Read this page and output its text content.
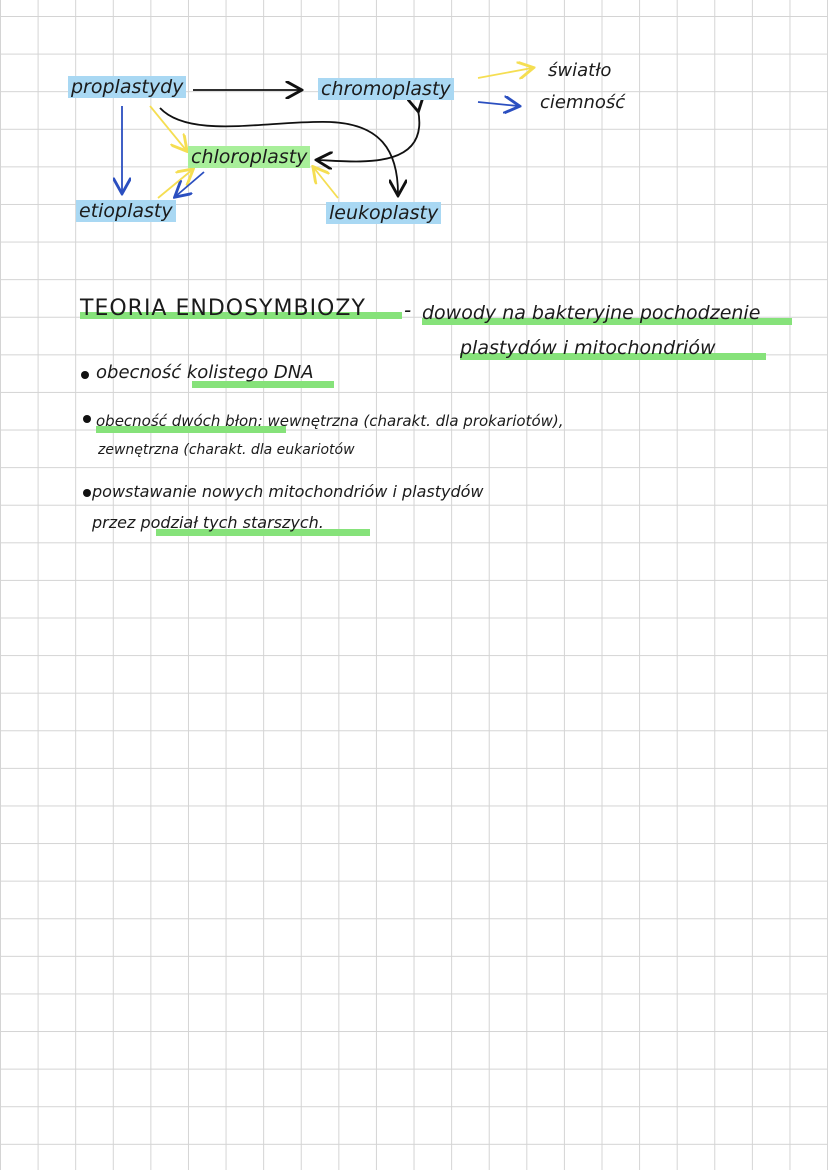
proplastydy	chromoplasty
chloroplasty
etioplasty	leukoplasty
światło
ciemność
TEORIA ENDOSYMBIOZY - dowody na bakteryjne pochodzenie
plastydów i mitochondriów
obecność kolistego DNA
obecność dwóch błon: wewnętrzna (charakt. dla prokariotów),
zewnętrzna (charakt. dla eukariotów
powstawanie nowych mitochondriów i plastydów
przez podział tych starszych.
